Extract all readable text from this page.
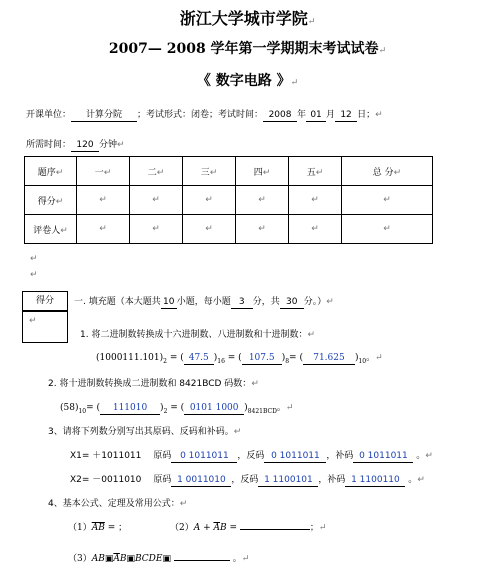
浙江大学城市学院↵
2007— 2008 学年第一学期期末考试试卷↵
《 数字电路 》↵
开课单位： 计算分院 ；考试形式：闭卷；考试时间： 2008 年 01 月 12 日；↵
所需时间： 120 分钟↵
题序↵	一↵	二↵	三↵	四↵	五↵	总 分↵
得分↵	↵	↵	↵	↵	↵	↵
评卷人↵	↵	↵	↵	↵	↵	↵
↵
↵
得分
↵
一. 填充题（本大题共 10 小题，每小题 3 分，共 30 分。）↵
1. 将二进制数转换成十六进制数、八进制数和十进制数：↵
$(1000111.101)_2$ = ( 47.5 )$_{16}$ = ( 107.5 )$_8=$ ( 71.625 )$_{10}$。↵
2. 将十进制数转换成二进制数和 8421BCD 码数：↵
$(58)_{10}=$ ( 111010 )$_2$ = ( 0101 1000 )$_{8421BCD}$。↵
3、请将下列数分别写出其原码、反码和补码。↵
X1= ＋1011011 原码 0 1011011 ，反码 0 1011011 ，补码 0 1011011 。↵
X2= －0011010 原码 1 0011010 ，反码 1 1100101 ，补码 1 1100110 。↵
4、基本公式、定理及常用公式：↵
$(1)\overline{AB}$ = ；	$(2)A + \overline{A}B$ =	；↵
$(3)AB▣\overline{A}B▣BCDE▣$	。↵
